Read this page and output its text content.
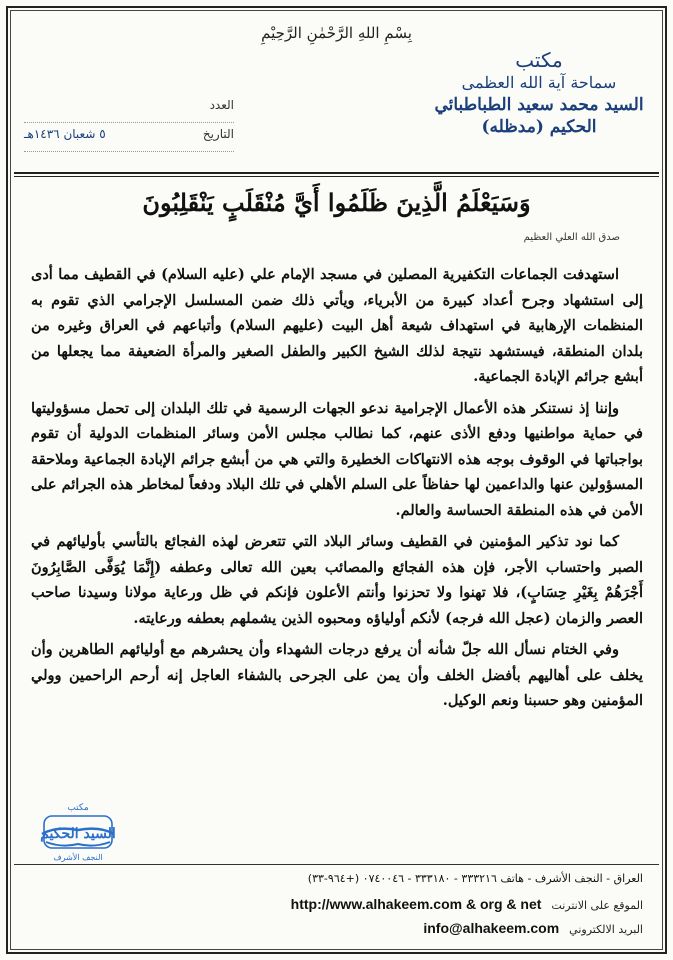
بِسْمِ اللهِ الرَّحْمٰنِ الرَّحِيْمِ
مكتب
سماحة آية الله العظمى
السيد محمد سعيد الطباطبائي الحكيم (مدظله)
العدد
التاريخ
٥ شعبان ١٤٣٦هـ
وَسَيَعْلَمُ الَّذِينَ ظَلَمُوا أَيَّ مُنْقَلَبٍ يَنْقَلِبُونَ
صدق الله العلي العظيم

استهدفت الجماعات التكفيرية المصلين في مسجد الإمام علي (عليه السلام) في القطيف مما أدى إلى استشهاد وجرح أعداد كبيرة من الأبرياء، ويأتي ذلك ضمن المسلسل الإجرامي الذي تقوم به المنظمات الإرهابية في استهداف شيعة أهل البيت (عليهم السلام) وأتباعهم في العراق وغيره من بلدان المنطقة، فيستشهد نتيجة لذلك الشيخ الكبير والطفل الصغير والمرأة الضعيفة مما يجعلها من أبشع جرائم الإبادة الجماعية.

وإننا إذ نستنكر هذه الأعمال الإجرامية ندعو الجهات الرسمية في تلك البلدان إلى تحمل مسؤوليتها في حماية مواطنيها ودفع الأذى عنهم، كما نطالب مجلس الأمن وسائر المنظمات الدولية أن تقوم بواجباتها في الوقوف بوجه هذه الانتهاكات الخطيرة والتي هي من أبشع جرائم الإبادة الجماعية وملاحقة المسؤولين عنها والداعمين لها حفاظاً على السلم الأهلي في تلك البلاد ودفعاً لمخاطر هذه الجرائم على الأمن في هذه المنطقة الحساسة والعالم.

كما نود تذكير المؤمنين في القطيف وسائر البلاد التي تتعرض لهذه الفجائع بالتأسي بأوليائهم في الصبر واحتساب الأجر، فإن هذه الفجائع والمصائب بعين الله تعالى وعطفه (إِنَّمَا يُوَفَّى الصَّابِرُونَ أَجْرَهُمْ بِغَيْرِ حِسَابٍ)، فلا تهنوا ولا تحزنوا وأنتم الأعلون فإنكم في ظل ورعاية مولانا وسيدنا صاحب العصر والزمان (عجل الله فرجه) لأنكم أولياؤه ومحبوه الذين يشملهم بعطفه ورعايته.

وفي الختام نسأل الله جلّ شأنه أن يرفع درجات الشهداء وأن يحشرهم مع أوليائهم الطاهرين وأن يخلف على أهاليهم بأفضل الخلف وأن يمن على الجرحى بالشفاء العاجل إنه أرحم الراحمين وولي المؤمنين وهو حسبنا ونعم الوكيل.

مكتب
السيد الحكيم
النجف الأشرف
العراق - النجف الأشرف - هاتف ٣٣٣٢١٦ - ٣٣٣١٨٠ - ٠٧٤٠٠٤٦ (+٩٦٤-٣٣)
الموقع على الانترنت
http://www.alhakeem.com & org & net
البريد الالكتروني
info@alhakeem.com
